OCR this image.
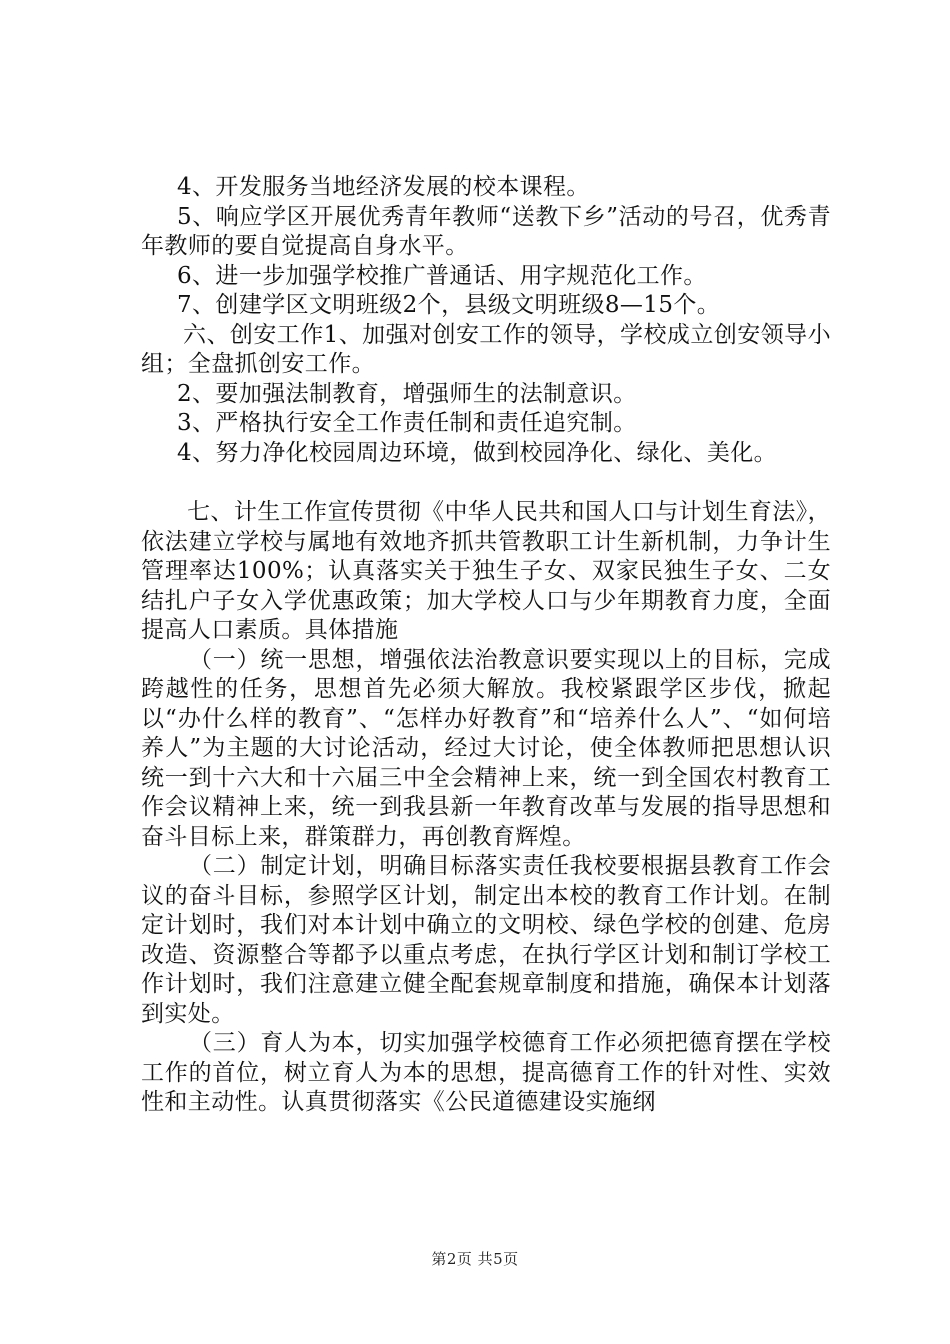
4、开发服务当地经济发展的校本课程。

5、响应学区开展优秀青年教师“送教下乡”活动的号召，优秀青年教师的要自觉提高自身水平。

6、进一步加强学校推广普通话、用字规范化工作。

7、创建学区文明班级2个，县级文明班级8—15个。

六、创安工作1、加强对创安工作的领导，学校成立创安领导小组；全盘抓创安工作。

2、要加强法制教育，增强师生的法制意识。

3、严格执行安全工作责任制和责任追究制。

4、努力净化校园周边环境，做到校园净化、绿化、美化。

七、计生工作宣传贯彻《中华人民共和国人口与计划生育法》，依法建立学校与属地有效地齐抓共管教职工计生新机制，力争计生管理率达100%；认真落实关于独生子女、双家民独生子女、二女结扎户子女入学优惠政策；加大学校人口与少年期教育力度，全面提高人口素质。具体措施

（一）统一思想，增强依法治教意识要实现以上的目标，完成跨越性的任务，思想首先必须大解放。我校紧跟学区步伐，掀起以“办什么样的教育”、“怎样办好教育”和“培养什么人”、“如何培养人”为主题的大讨论活动，经过大讨论，使全体教师把思想认识统一到十六大和十六届三中全会精神上来，统一到全国农村教育工作会议精神上来，统一到我县新一年教育改革与发展的指导思想和奋斗目标上来，群策群力，再创教育辉煌。

（二）制定计划，明确目标落实责任我校要根据县教育工作会议的奋斗目标，参照学区计划，制定出本校的教育工作计划。在制定计划时，我们对本计划中确立的文明校、绿色学校的创建、危房改造、资源整合等都予以重点考虑，在执行学区计划和制订学校工作计划时，我们注意建立健全配套规章制度和措施，确保本计划落到实处。

（三）育人为本，切实加强学校德育工作必须把德育摆在学校工作的首位，树立育人为本的思想，提高德育工作的针对性、实效性和主动性。认真贯彻落实《公民道德建设实施纲

第2页 共5页
